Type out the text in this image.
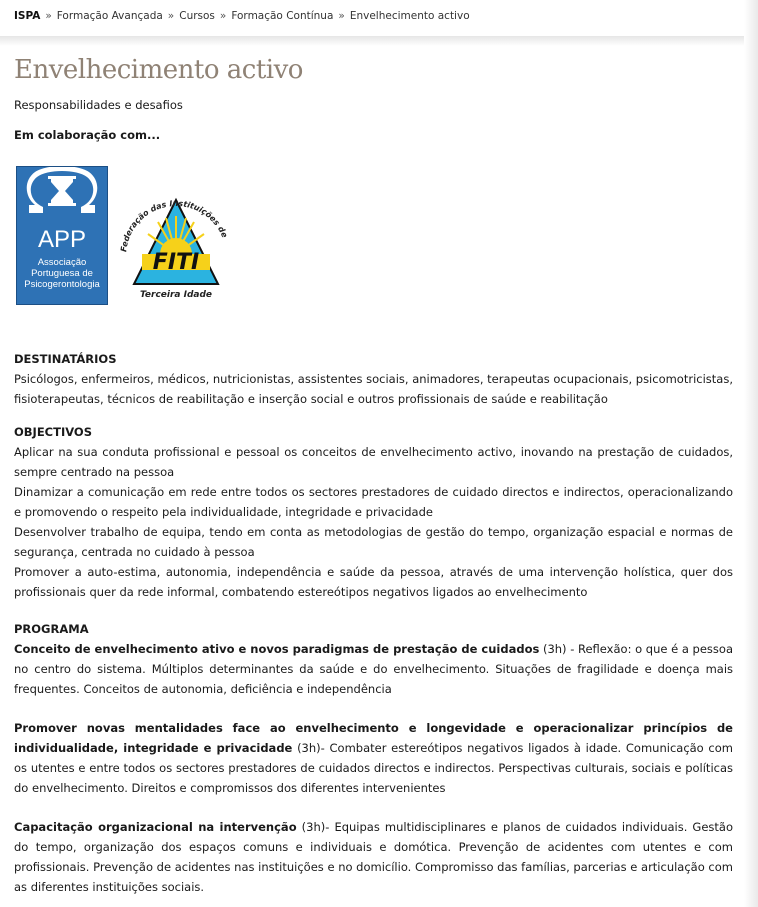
ISPA » Formação Avançada » Cursos » Formação Contínua » Envelhecimento activo
Envelhecimento activo
Responsabilidades e desafios
Em colaboração com...
APP
Associação
Portuguesa de
Psicogerontologia
FITI
Federação das Instituições de
Terceira Idade

DESTINATÁRIOS

Psicólogos, enfermeiros, médicos, nutricionistas, assistentes sociais, animadores, terapeutas ocupacionais, psicomotricistas, fisioterapeutas, técnicos de reabilitação e inserção social e outros profissionais de saúde e reabilitação

OBJECTIVOS

Aplicar na sua conduta profissional e pessoal os conceitos de envelhecimento activo, inovando na prestação de cuidados, sempre centrado na pessoa

Dinamizar a comunicação em rede entre todos os sectores prestadores de cuidado directos e indirectos, operacionalizando e promovendo o respeito pela individualidade, integridade e privacidade

Desenvolver trabalho de equipa, tendo em conta as metodologias de gestão do tempo, organização espacial e normas de segurança, centrada no cuidado à pessoa

Promover a auto-estima, autonomia, independência e saúde da pessoa, através de uma intervenção holística, quer dos profissionais quer da rede informal, combatendo estereótipos negativos ligados ao envelhecimento

PROGRAMA

Conceito de envelhecimento ativo e novos paradigmas de prestação de cuidados (3h) - Reflexão: o que é a pessoa no centro do sistema. Múltiplos determinantes da saúde e do envelhecimento. Situações de fragilidade e doença mais frequentes. Conceitos de autonomia, deficiência e independência

Promover novas mentalidades face ao envelhecimento e longevidade e operacionalizar princípios de individualidade, integridade e privacidade (3h)- Combater estereótipos negativos ligados à idade. Comunicação com os utentes e entre todos os sectores prestadores de cuidados directos e indirectos. Perspectivas culturais, sociais e políticas do envelhecimento. Direitos e compromissos dos diferentes intervenientes

Capacitação organizacional na intervenção (3h)- Equipas multidisciplinares e planos de cuidados individuais. Gestão do tempo, organização dos espaços comuns e individuais e domótica. Prevenção de acidentes com utentes e com profissionais. Prevenção de acidentes nas instituições e no domicílio. Compromisso das famílias, parcerias e articulação com as diferentes instituições sociais.
